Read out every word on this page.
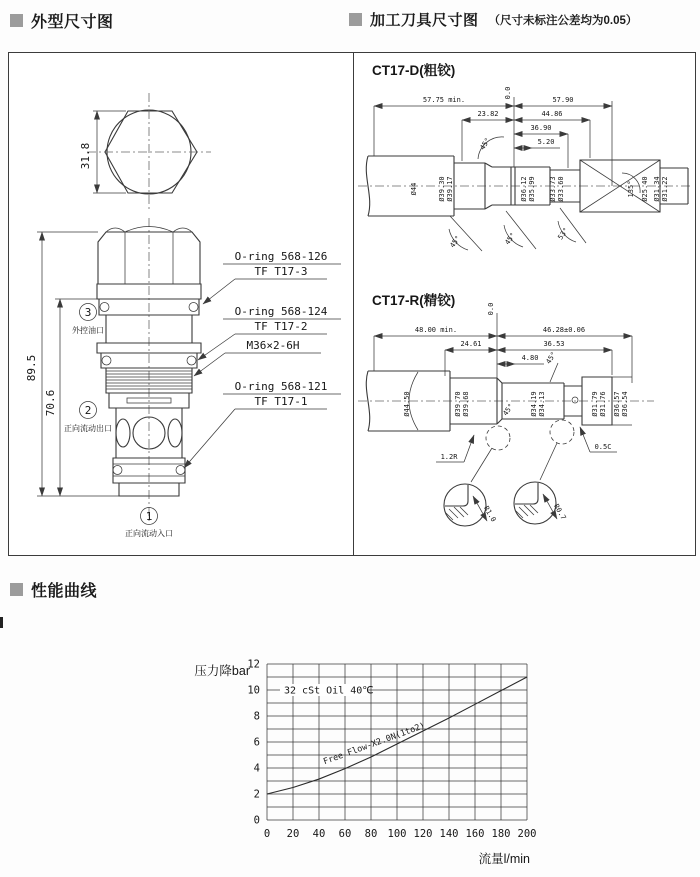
外型尺寸图	加工刀具尺寸图 （尺寸未标注公差均为0.05）
性能曲线
31.8
89.5
70.6
O-ring 568-126
TF T17-3
O-ring 568-124
TF T17-2
M36×2-6H
O-ring 568-121
TF T17-1
3
外控油口
2
正向流动出口
1
正向流动入口
CT17-D(粗铰)
0.0
57.75 min.	57.90
23.82	44.86
36.90
5.20
45°
Ø44	Ø39.30 Ø39.17	Ø36.12 Ø35.99 Ø33.73 Ø33.60	135° Ø25.40 Ø31.34 Ø31.22
45°	45°	53°
CT17-R(精铰)
0.0
48.00 min.	46.28±0.06
24.61	36.53
4.80 45°
45°
Ø44.50	Ø39.70 Ø39.68	Ø34.19 Ø34.13	Ø31.79 Ø31.76 Ø36.57 Ø36.54
1.2R
0.5C
R1.0	R0.7
32 cSt Oil 40℃
压力降bar
流量l/min
0 20 40 60 80 100 120 140 160 180 200
0
2
4
6
8
10
12
Free Flow-X2.0N(1to2)
